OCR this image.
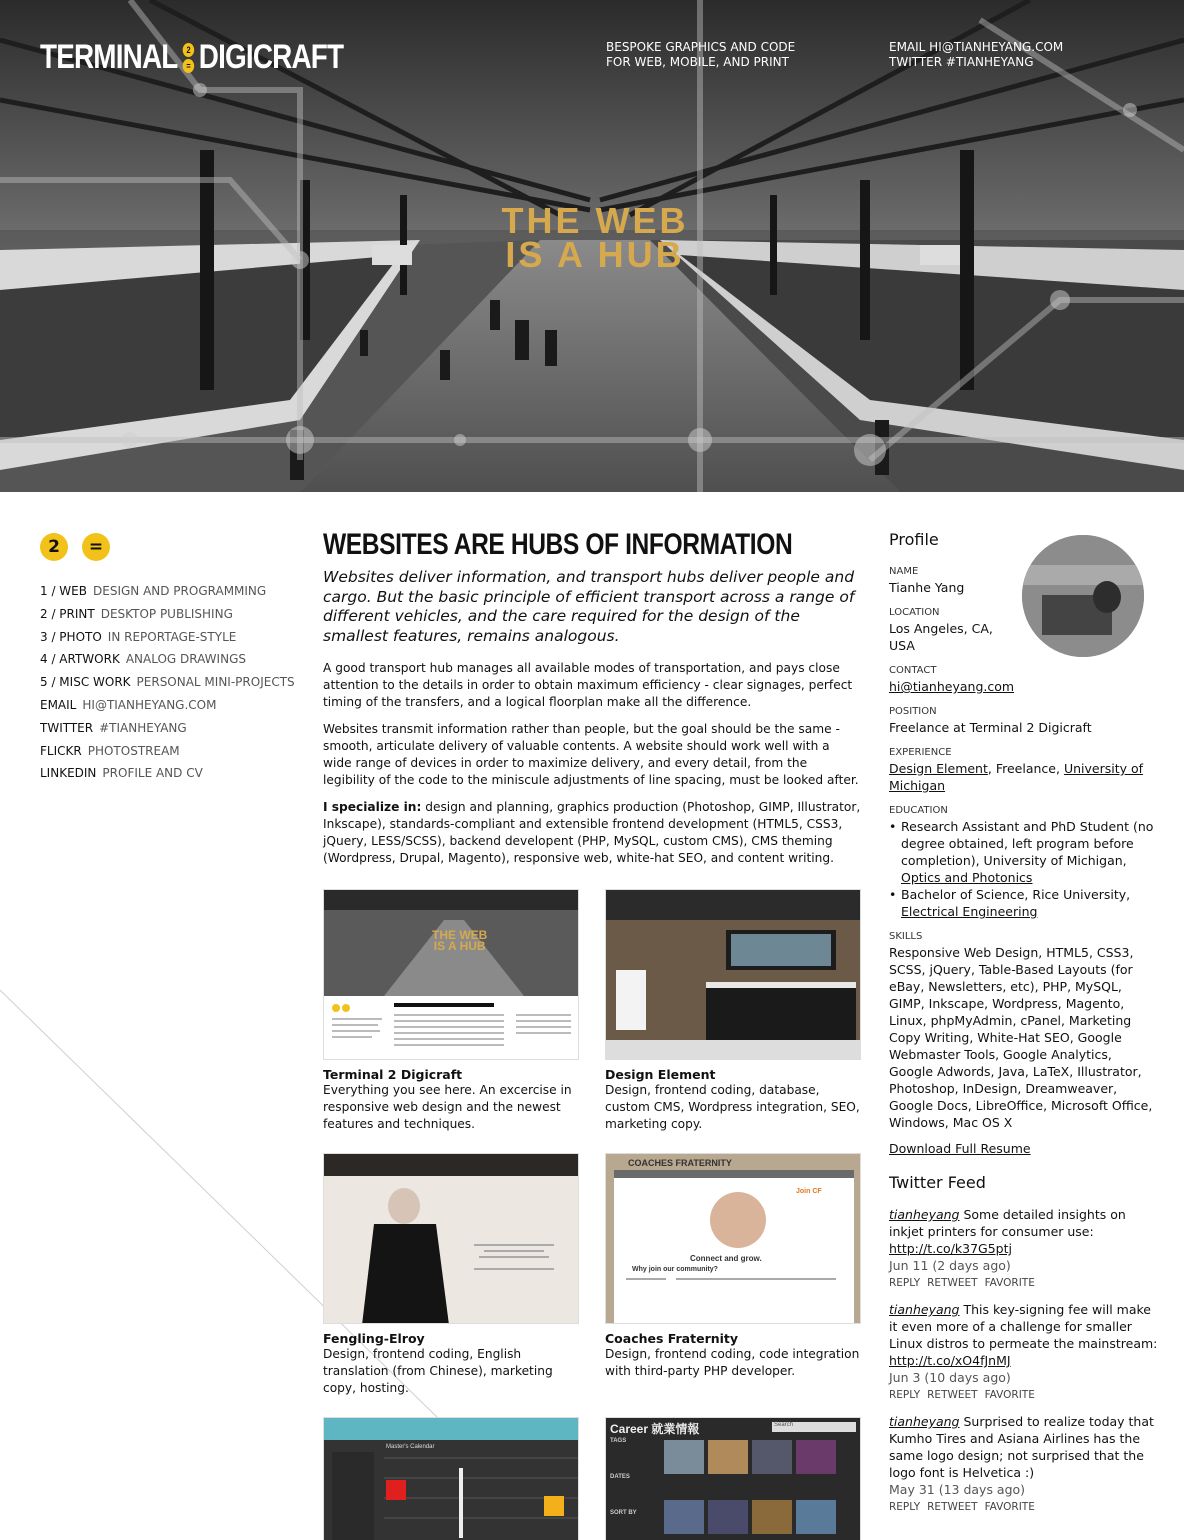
TERMINAL	2
= DIGICRAFT	BESPOKE GRAPHICS AND CODE
FOR WEB, MOBILE, AND PRINT
EMAIL HI@TIANHEYANG.COM
TWITTER #TIANHEYANG
THE WEB
IS A HUB
2	=
1 / WEB DESIGN AND PROGRAMMING
2 / PRINT DESKTOP PUBLISHING
3 / PHOTO IN REPORTAGE-STYLE
4 / ARTWORK ANALOG DRAWINGS
5 / MISC WORK PERSONAL MINI-PROJECTS
EMAIL HI@TIANHEYANG.COM
TWITTER #TIANHEYANG
FLICKR PHOTOSTREAM
LINKEDIN PROFILE AND CV
WEBSITES ARE HUBS OF INFORMATION
Websites deliver information, and transport hubs deliver people and cargo. But the basic principle of efficient transport across a range of different vehicles, and the care required for the design of the smallest features, remains analogous.

A good transport hub manages all available modes of transportation, and pays close attention to the details in order to obtain maximum efficiency - clear signages, perfect timing of the transfers, and a logical floorplan make all the difference.

Websites transmit information rather than people, but the goal should be the same - smooth, articulate delivery of valuable contents. A website should work well with a wide range of devices in order to maximize delivery, and every detail, from the legibility of the code to the miniscule adjustments of line spacing, must be looked after.

I specialize in: design and planning, graphics production (Photoshop, GIMP, Illustrator, Inkscape), standards-compliant and extensible frontend development (HTML5, CSS3, jQuery, LESS/SCSS), backend developent (PHP, MySQL, custom CMS), CMS theming (Wordpress, Drupal, Magento), responsive web, white-hat SEO, and content writing.

THE WEB
IS A HUB
Terminal 2 Digicraft
Everything you see here. An excercise in responsive web design and the newest features and techniques.
Design Element
Design, frontend coding, database, custom CMS, Wordpress integration, SEO, marketing copy.
Fengling-Elroy
Design, frontend coding, English translation (from Chinese), marketing copy, hosting.
COACHES FRATERNITY
Join CF
Connect and grow.
Why join our community?
Coaches Fraternity
Design, frontend coding, code integration with third-party PHP developer.
Master's Calendar
Career 就業情報	Search
TAGS
DATES
SORT BY
Profile
NAME
Tianhe Yang
LOCATION
Los Angeles, CA, USA
CONTACT
hi@tianheyang.com
POSITION
Freelance at Terminal 2 Digicraft
EXPERIENCE
Design Element, Freelance, University of Michigan
EDUCATION
• Research Assistant and PhD Student (no degree obtained, left program before completion), University of Michigan, Optics and Photonics
• Bachelor of Science, Rice University, Electrical Engineering
SKILLS
Responsive Web Design, HTML5, CSS3, SCSS, jQuery, Table-Based Layouts (for eBay, Newsletters, etc), PHP, MySQL, GIMP, Inkscape, Wordpress, Magento, Linux, phpMyAdmin, cPanel, Marketing Copy Writing, White-Hat SEO, Google Webmaster Tools, Google Analytics, Google Adwords, Java, LaTeX, Illustrator, Photoshop, InDesign, Dreamweaver, Google Docs, LibreOffice, Microsoft Office, Windows, Mac OS X
Download Full Resume
Twitter Feed
tianheyang Some detailed insights on inkjet printers for consumer use: http://t.co/k37G5ptj
Jun 11 (2 days ago)
REPLY RETWEET FAVORITE
tianheyang This key-signing fee will make it even more of a challenge for smaller Linux distros to permeate the mainstream: http://t.co/xO4fJnMJ
Jun 3 (10 days ago)
REPLY RETWEET FAVORITE
tianheyang Surprised to realize today that Kumho Tires and Asiana Airlines has the same logo design; not surprised that the logo font is Helvetica :)
May 31 (13 days ago)
REPLY RETWEET FAVORITE
